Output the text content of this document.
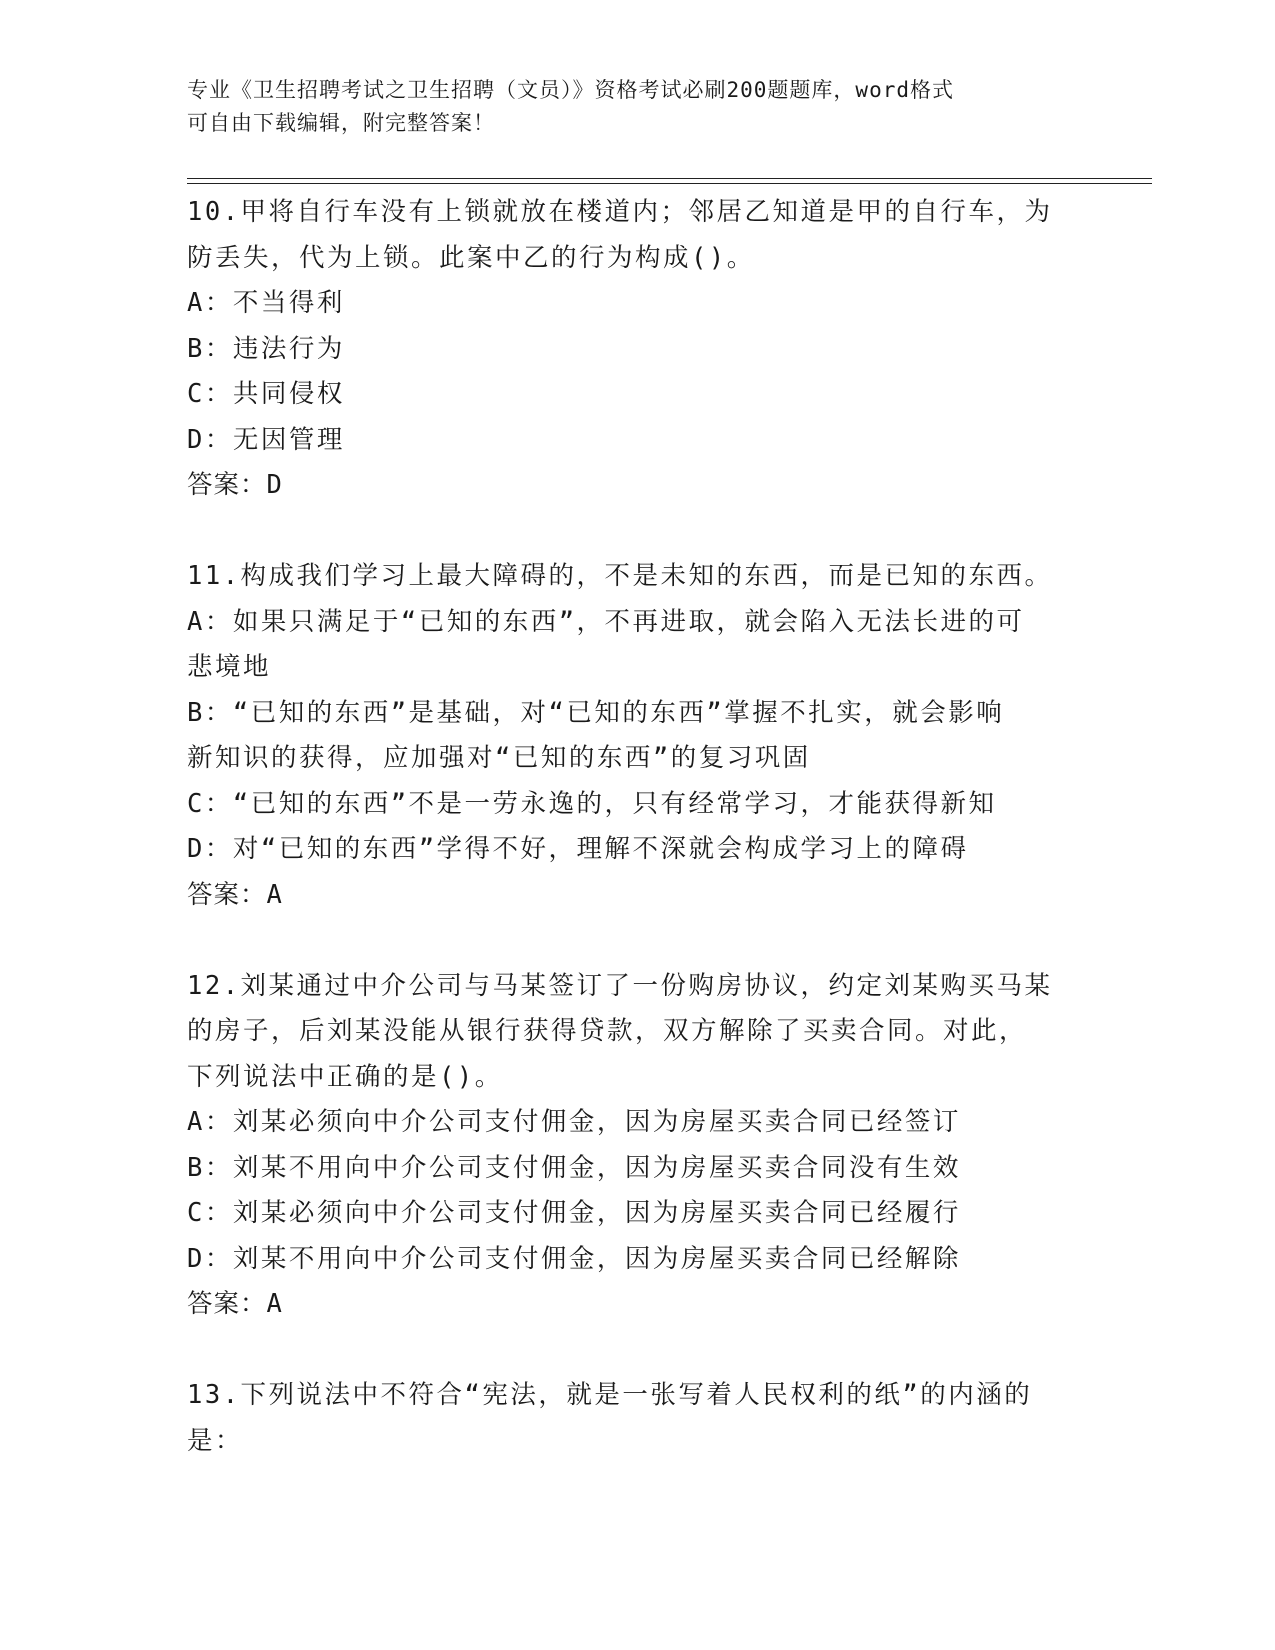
专业《卫生招聘考试之卫生招聘（文员）》资格考试必刷200题题库，word格式
可自由下载编辑，附完整答案！
10.甲将自行车没有上锁就放在楼道内；邻居乙知道是甲的自行车，为
防丢失，代为上锁。此案中乙的行为构成()。
A：不当得利
B：违法行为
C：共同侵权
D：无因管理
答案：D
11.构成我们学习上最大障碍的，不是未知的东西，而是已知的东西。
A：如果只满足于“已知的东西”，不再进取，就会陷入无法长进的可
悲境地
B：“已知的东西”是基础，对“已知的东西”掌握不扎实，就会影响
新知识的获得，应加强对“已知的东西”的复习巩固
C：“已知的东西”不是一劳永逸的，只有经常学习，才能获得新知
D：对“已知的东西”学得不好，理解不深就会构成学习上的障碍
答案：A
12.刘某通过中介公司与马某签订了一份购房协议，约定刘某购买马某
的房子，后刘某没能从银行获得贷款，双方解除了买卖合同。对此，
下列说法中正确的是()。
A：刘某必须向中介公司支付佣金，因为房屋买卖合同已经签订
B：刘某不用向中介公司支付佣金，因为房屋买卖合同没有生效
C：刘某必须向中介公司支付佣金，因为房屋买卖合同已经履行
D：刘某不用向中介公司支付佣金，因为房屋买卖合同已经解除
答案：A
13.下列说法中不符合“宪法，就是一张写着人民权利的纸”的内涵的
是：
